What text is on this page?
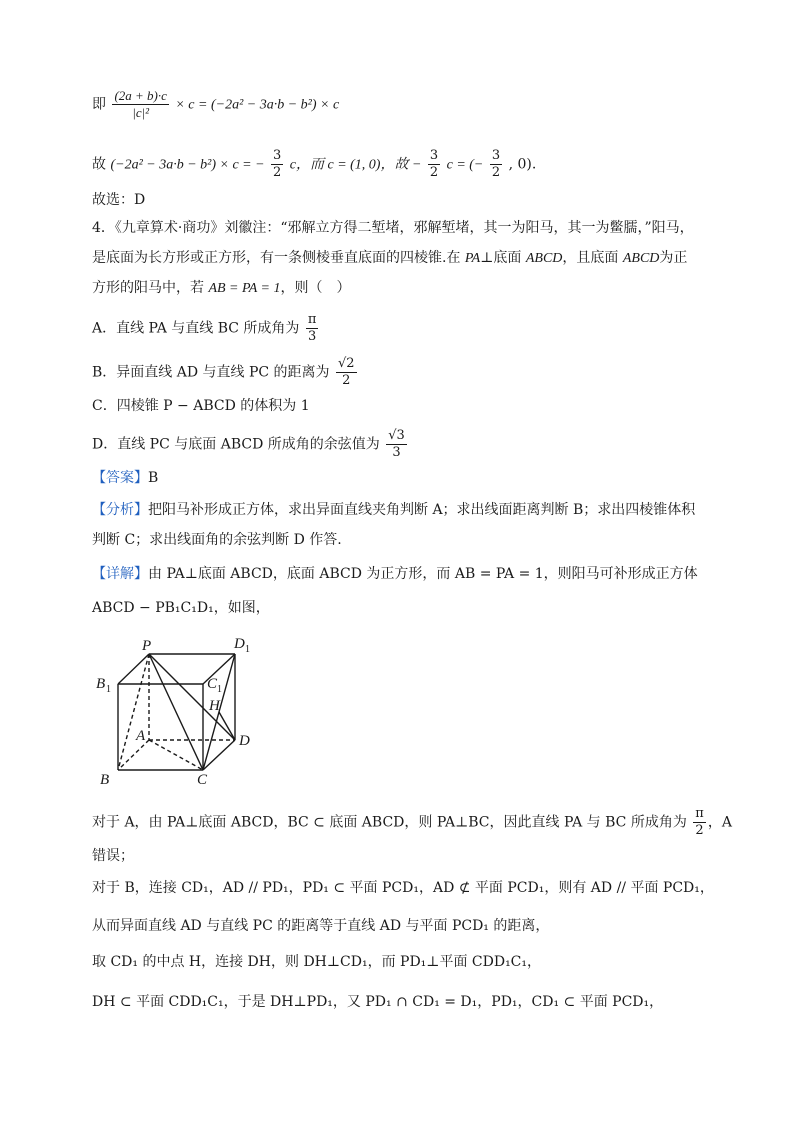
即 $\frac{(2a + b)\cdot c}{\text{|c|²}} \times c = (-2a^2 - 3a\cdot b - b^2) \times c$
故 (−2a² − 3a·b − b²) × c = − $\frac{3}{2}$ c，而 c = (1, 0)，故 − $\frac{3}{2}$ c = (− $\frac{3}{2}$ , 0).
故选：D
4．《九章算术·商功》刘徽注：“邪解立方得二堑堵，邪解堑堵，其一为阳马，其一为鳖臑，”阳马，
是底面为长方形或正方形，有一条侧棱垂直底面的四棱锥.在 PA⊥底面 ABCD，且底面 ABCD为正
方形的阳马中，若 AB = PA = 1，则（　）
A．直线 PA 与直线 BC 所成角为 $\frac{\pi}{3}$
B．异面直线 AD 与直线 PC 的距离为 $\frac{√2}{2}$
C．四棱锥 P − ABCD 的体积为 1
D．直线 PC 与底面 ABCD 所成角的余弦值为 $\frac{√3}{3}$
【答案】B
【分析】把阳马补形成正方体，求出异面直线夹角判断 A；求出线面距离判断 B；求出四棱锥体积
判断 C；求出线面角的余弦判断 D 作答.
【详解】由 PA⊥底面 ABCD，底面 ABCD 为正方形，而 AB = PA = 1，则阳马可补形成正方体
ABCD − PB₁C₁D₁，如图，
P	D 1
B 1	C 1
H
A	D
B	C
对于 A，由 PA⊥底面 ABCD，BC ⊂ 底面 ABCD，则 PA⊥BC，因此直线 PA 与 BC 所成角为 $\frac{\pi}{2}$ ，A
错误；
对于 B，连接 CD₁，AD // PD₁，PD₁ ⊂ 平面 PCD₁，AD ⊄ 平面 PCD₁，则有 AD // 平面 PCD₁，
从而异面直线 AD 与直线 PC 的距离等于直线 AD 与平面 PCD₁ 的距离，
取 CD₁ 的中点 H，连接 DH，则 DH⊥CD₁，而 PD₁⊥平面 CDD₁C₁，
DH ⊂ 平面 CDD₁C₁，于是 DH⊥PD₁，又 PD₁ ∩ CD₁ = D₁，PD₁，CD₁ ⊂ 平面 PCD₁，
